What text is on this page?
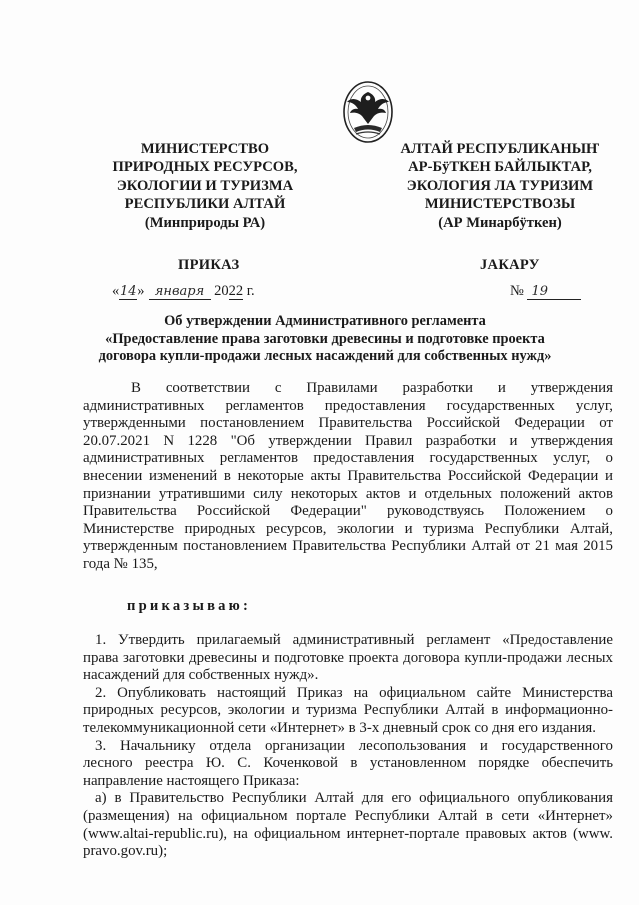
МИНИСТЕРСТВО
ПРИРОДНЫХ РЕСУРСОВ,
ЭКОЛОГИИ И ТУРИЗМА
РЕСПУБЛИКИ АЛТАЙ
(Минприроды РА)
АЛТАЙ РЕСПУБЛИКАНЫҤ
АР-БÿТКЕН БАЙЛЫКТАР,
ЭКОЛОГИЯ ЛА ТУРИЗИМ
МИНИСТЕРСТВОЗЫ
(АР Минарбÿткен)
ПРИКАЗ	JAКАРУ
«14» января 2022 г.	№ 19
Об утверждении Административного регламента
«Предоставление права заготовки древесины и подготовке проекта
договора купли-продажи лесных насаждений для собственных нужд»
В соответствии с Правилами разработки и утверждения
административных регламентов предоставления государственных услуг,
утвержденными постановлением Правительства Российской Федерации от
20.07.2021 N 1228 "Об утверждении Правил разработки и утверждения
административных регламентов предоставления государственных услуг, о
внесении изменений в некоторые акты Правительства Российской Федерации и
признании утратившими силу некоторых актов и отдельных положений актов
Правительства Российской Федерации" руководствуясь Положением о
Министерстве природных ресурсов, экологии и туризма Республики Алтай,
утвержденным постановлением Правительства Республики Алтай от 21 мая 2015
года № 135,
приказываю:
1. Утвердить прилагаемый административный регламент «Предоставление
права заготовки древесины и подготовке проекта договора купли-продажи лесных
насаждений для собственных нужд».
2. Опубликовать настоящий Приказ на официальном сайте Министерства
природных ресурсов, экологии и туризма Республики Алтай в информационно-
телекоммуникационной сети «Интернет» в 3-х дневный срок со дня его издания.
3. Начальнику отдела организации лесопользования и государственного
лесного реестра Ю. С. Коченковой в установленном порядке обеспечить
направление настоящего Приказа:
а) в Правительство Республики Алтай для его официального опубликования
(размещения) на официальном портале Республики Алтай в сети «Интернет»
(www.altai-republic.ru), на официальном интернет-портале правовых актов (www.
pravo.gov.ru);
